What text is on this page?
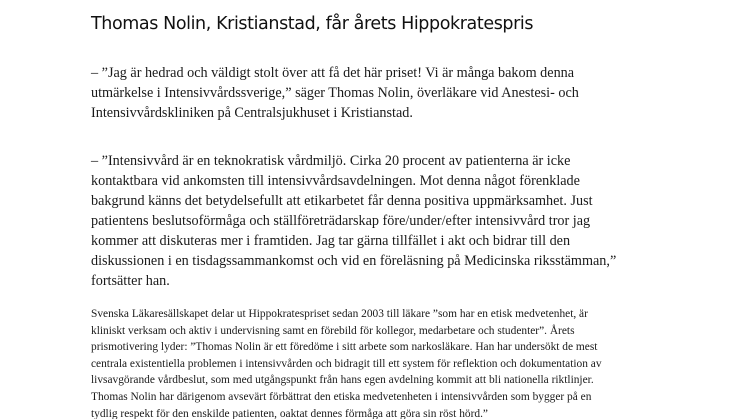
Thomas Nolin, Kristianstad, får årets Hippokratespris

– ”Jag är hedrad och väldigt stolt över att få det här priset! Vi är många bakom denna
utmärkelse i Intensivvårdssverige,” säger Thomas Nolin, överläkare vid Anestesi- och
Intensivvårdskliniken på Centralsjukhuset i Kristianstad.

– ”Intensivvård är en teknokratisk vårdmiljö. Cirka 20 procent av patienterna är icke
kontaktbara vid ankomsten till intensivvårdsavdelningen. Mot denna något förenklade
bakgrund känns det betydelsefullt att etikarbetet får denna positiva uppmärksamhet. Just
patientens beslutsoförmåga och ställföreträdarskap före/under/efter intensivvård tror jag
kommer att diskuteras mer i framtiden. Jag tar gärna tillfället i akt och bidrar till den
diskussionen i en tisdagssammankomst och vid en föreläsning på Medicinska riksstämman,”
fortsätter han.

Svenska Läkaresällskapet delar ut Hippokratespriset sedan 2003 till läkare ”som har en etisk medvetenhet, är
kliniskt verksam och aktiv i undervisning samt en förebild för kollegor, medarbetare och studenter”. Årets
prismotivering lyder: ”Thomas Nolin är ett föredöme i sitt arbete som narkosläkare. Han har undersökt de mest
centrala existentiella problemen i intensivvården och bidragit till ett system för reflektion och dokumentation av
livsavgörande vårdbeslut, som med utgångspunkt från hans egen avdelning kommit att bli nationella riktlinjer.
Thomas Nolin har därigenom avsevärt förbättrat den etiska medvetenheten i intensivvården som bygger på en
tydlig respekt för den enskilde patienten, oaktat dennes förmåga att göra sin röst hörd.”
